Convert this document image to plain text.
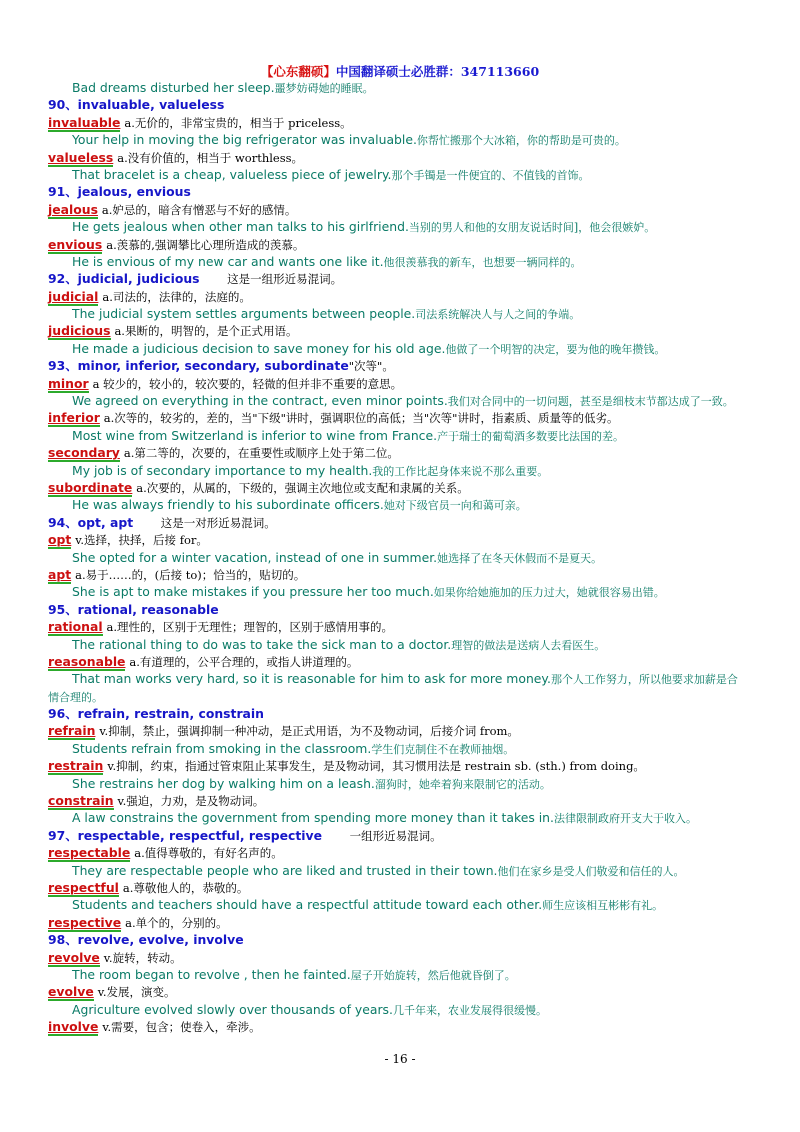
【心东翻硕】中国翻译硕士必胜群：347113660
Bad dreams disturbed her sleep.噩梦妨碍她的睡眠。
90、invaluable, valueless
invaluable a.无价的，非常宝贵的，相当于 priceless。
Your help in moving the big refrigerator was invaluable.你帮忙搬那个大冰箱，你的帮助是可贵的。
valueless a.没有价值的，相当于 worthless。
That bracelet is a cheap, valueless piece of jewelry.那个手镯是一件便宜的、不值钱的首饰。
91、jealous, envious
jealous a.妒忌的，暗含有憎恶与不好的感情。
He gets jealous when other man talks to his girlfriend.当别的男人和他的女朋友说话时间]，他会很嫉妒。
envious a.羡慕的,强调攀比心理所造成的羡慕。
He is envious of my new car and wants one like it.他很羡慕我的新车，也想要一辆同样的。
92、judicial, judicious 这是一组形近易混词。
judicial a.司法的，法律的，法庭的。
The judicial system settles arguments between people.司法系统解决人与人之间的争端。
judicious a.果断的，明智的，是个正式用语。
He made a judicious decision to save money for his old age.他做了一个明智的决定，要为他的晚年攒钱。
93、minor, inferior, secondary, subordinate"次等"。
minor a 较少的，较小的，较次要的，轻微的但并非不重要的意思。
We agreed on everything in the contract, even minor points.我们对合同中的一切问题，甚至是细枝末节都达成了一致。
inferior a.次等的，较劣的，差的，当"下级"讲时，强调职位的高低；当"次等"讲时，指素质、质量等的低劣。
Most wine from Switzerland is inferior to wine from France.产于瑞士的葡萄酒多数要比法国的差。
secondary a.第二等的，次要的，在重要性或顺序上处于第二位。
My job is of secondary importance to my health.我的工作比起身体来说不那么重要。
subordinate a.次要的，从属的，下级的，强调主次地位或支配和隶属的关系。
He was always friendly to his subordinate officers.她对下级官员一向和蔼可亲。
94、opt, apt 这是一对形近易混词。
opt v.选择，抉择，后接 for。
She opted for a winter vacation, instead of one in summer.她选择了在冬天休假而不是夏天。
apt a.易于……的，(后接 to)；恰当的，贴切的。
She is apt to make mistakes if you pressure her too much.如果你给她施加的压力过大，她就很容易出错。
95、rational, reasonable
rational a.理性的，区别于无理性；理智的，区别于感情用事的。
The rational thing to do was to take the sick man to a doctor.理智的做法是送病人去看医生。
reasonable a.有道理的，公平合理的，或指人讲道理的。
That man works very hard, so it is reasonable for him to ask for more money.那个人工作努力，所以他要求加薪是合
情合理的。
96、refrain, restrain, constrain
refrain v.抑制，禁止，强调抑制一种冲动，是正式用语，为不及物动词，后接介词 from。
Students refrain from smoking in the classroom.学生们克制住不在教师抽烟。
restrain v.抑制，约束，指通过管束阻止某事发生，是及物动词，其习惯用法是 restrain sb. (sth.) from doing。
She restrains her dog by walking him on a leash.溜狗时，她牵着狗来限制它的活动。
constrain v.强迫，力劝，是及物动词。
A law constrains the government from spending more money than it takes in.法律限制政府开支大于收入。
97、respectable, respectful, respective 一组形近易混词。
respectable a.值得尊敬的，有好名声的。
They are respectable people who are liked and trusted in their town.他们在家乡是受人们敬爱和信任的人。
respectful a.尊敬他人的，恭敬的。
Students and teachers should have a respectful attitude toward each other.师生应该相互彬彬有礼。
respective a.单个的，分别的。
98、revolve, evolve, involve
revolve v.旋转，转动。
The room began to revolve , then he fainted.屋子开始旋转，然后他就昏倒了。
evolve v.发展，演变。
Agriculture evolved slowly over thousands of years.几千年来，农业发展得很缓慢。
involve v.需要，包含；使卷入，牵涉。
- 16 -
